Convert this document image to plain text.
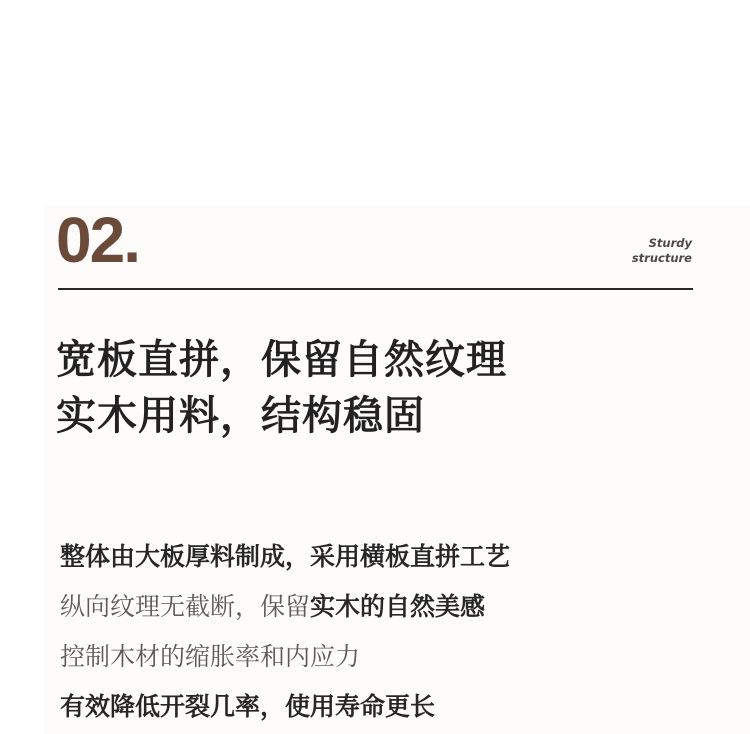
02.	Sturdy
structure
宽板直拼，保留自然纹理
实木用料，结构稳固
整体由大板厚料制成，采用横板直拼工艺
纵向纹理无截断，保留实木的自然美感
控制木材的缩胀率和内应力
有效降低开裂几率，使用寿命更长
